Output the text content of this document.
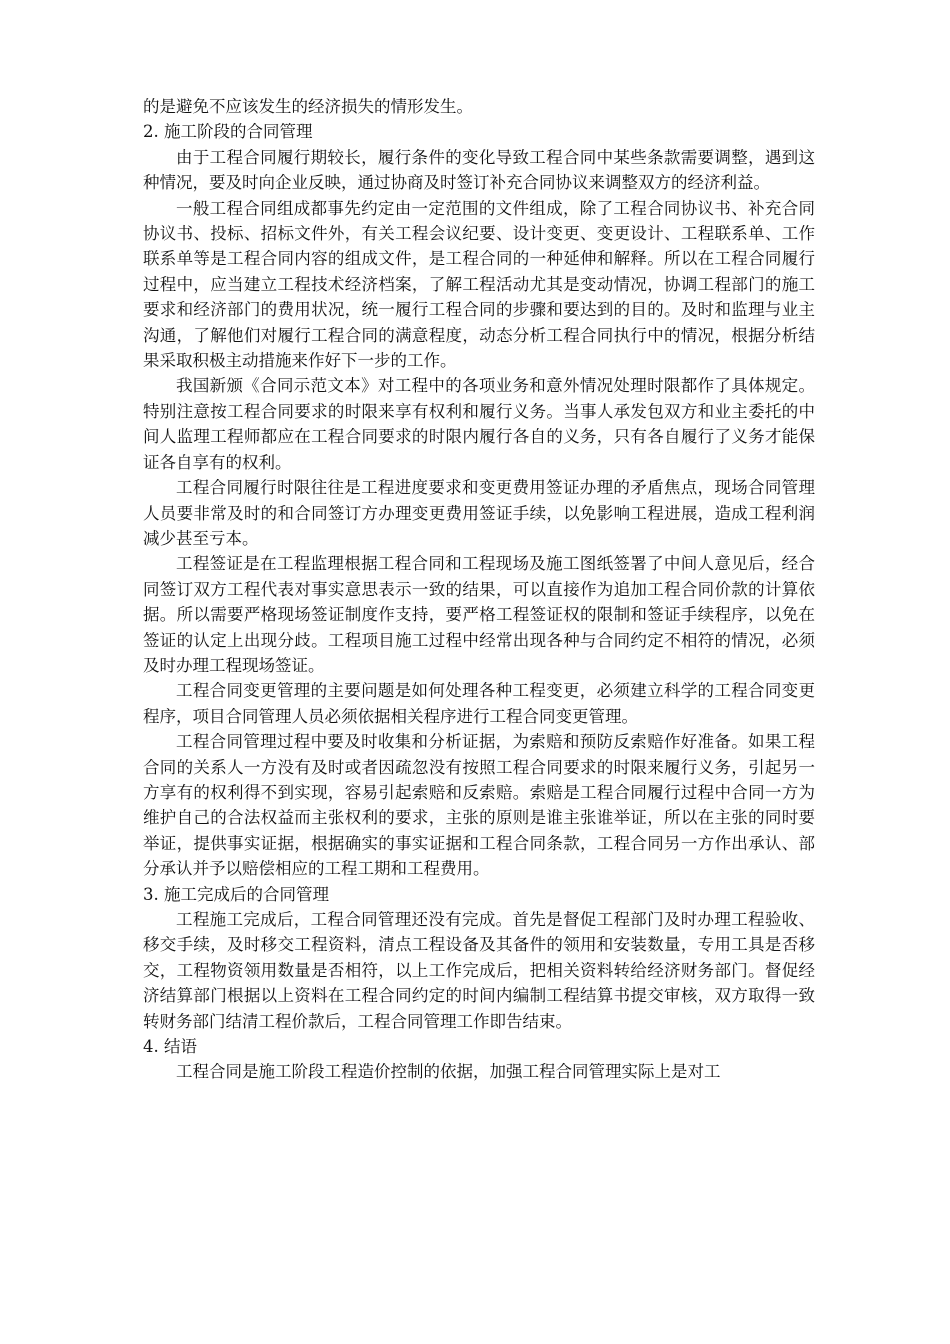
的是避免不应该发生的经济损失的情形发生。

2. 施工阶段的合同管理

由于工程合同履行期较长，履行条件的变化导致工程合同中某些条款需要调整，遇到这种情况，要及时向企业反映，通过协商及时签订补充合同协议来调整双方的经济利益。

一般工程合同组成都事先约定由一定范围的文件组成，除了工程合同协议书、补充合同协议书、投标、招标文件外，有关工程会议纪要、设计变更、变更设计、工程联系单、工作联系单等是工程合同内容的组成文件，是工程合同的一种延伸和解释。所以在工程合同履行过程中，应当建立工程技术经济档案，了解工程活动尤其是变动情况，协调工程部门的施工要求和经济部门的费用状况，统一履行工程合同的步骤和要达到的目的。及时和监理与业主沟通，了解他们对履行工程合同的满意程度，动态分析工程合同执行中的情况，根据分析结果采取积极主动措施来作好下一步的工作。

我国新颁《合同示范文本》对工程中的各项业务和意外情况处理时限都作了具体规定。特别注意按工程合同要求的时限来享有权利和履行义务。当事人承发包双方和业主委托的中间人监理工程师都应在工程合同要求的时限内履行各自的义务，只有各自履行了义务才能保证各自享有的权利。

工程合同履行时限往往是工程进度要求和变更费用签证办理的矛盾焦点，现场合同管理人员要非常及时的和合同签订方办理变更费用签证手续，以免影响工程进展，造成工程利润减少甚至亏本。

工程签证是在工程监理根据工程合同和工程现场及施工图纸签署了中间人意见后，经合同签订双方工程代表对事实意思表示一致的结果，可以直接作为追加工程合同价款的计算依据。所以需要严格现场签证制度作支持，要严格工程签证权的限制和签证手续程序，以免在签证的认定上出现分歧。工程项目施工过程中经常出现各种与合同约定不相符的情况，必须及时办理工程现场签证。

工程合同变更管理的主要问题是如何处理各种工程变更，必须建立科学的工程合同变更程序，项目合同管理人员必须依据相关程序进行工程合同变更管理。

工程合同管理过程中要及时收集和分析证据，为索赔和预防反索赔作好准备。如果工程合同的关系人一方没有及时或者因疏忽没有按照工程合同要求的时限来履行义务，引起另一方享有的权利得不到实现，容易引起索赔和反索赔。索赔是工程合同履行过程中合同一方为维护自己的合法权益而主张权利的要求，主张的原则是谁主张谁举证，所以在主张的同时要举证，提供事实证据，根据确实的事实证据和工程合同条款，工程合同另一方作出承认、部分承认并予以赔偿相应的工程工期和工程费用。

3. 施工完成后的合同管理

工程施工完成后，工程合同管理还没有完成。首先是督促工程部门及时办理工程验收、移交手续，及时移交工程资料，清点工程设备及其备件的领用和安装数量，专用工具是否移交，工程物资领用数量是否相符，以上工作完成后，把相关资料转给经济财务部门。督促经济结算部门根据以上资料在工程合同约定的时间内编制工程结算书提交审核，双方取得一致转财务部门结清工程价款后，工程合同管理工作即告结束。

4. 结语

工程合同是施工阶段工程造价控制的依据，加强工程合同管理实际上是对工
